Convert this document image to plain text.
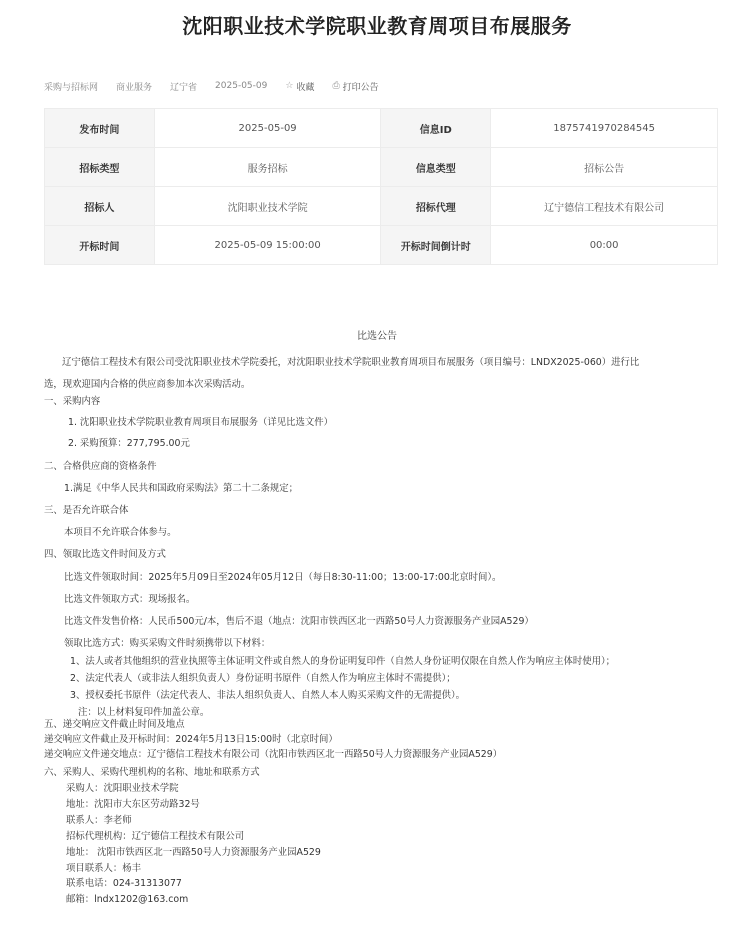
沈阳职业技术学院职业教育周项目布展服务
采购与招标网 商业服务 辽宁省 2025-05-09 ☆ 收藏 ⎙ 打印公告
发布时间	2025-05-09	信息ID	1875741970284545
招标类型	服务招标	信息类型	招标公告
招标人	沈阳职业技术学院	招标代理	辽宁德信工程技术有限公司
开标时间	2025-05-09 15:00:00	开标时间倒计时	00:00
比选公告
辽宁德信工程技术有限公司受沈阳职业技术学院委托，对沈阳职业技术学院职业教育周项目布展服务（项目编号：LNDX2025-060）进行比
选，现欢迎国内合格的供应商参加本次采购活动。
一、采购内容
1. 沈阳职业技术学院职业教育周项目布展服务（详见比选文件）
2. 采购预算：277,795.00元
二、合格供应商的资格条件
1.满足《中华人民共和国政府采购法》第二十二条规定；
三、是否允许联合体
本项目不允许联合体参与。
四、领取比选文件时间及方式
比选文件领取时间：2025年5月09日至2024年05月12日（每日8:30-11:00；13:00-17:00北京时间）。
比选文件领取方式：现场报名。
比选文件发售价格：人民币500元/本，售后不退（地点：沈阳市铁西区北一西路50号人力资源服务产业园A529）
领取比选方式：购买采购文件时须携带以下材料：
1、法人或者其他组织的营业执照等主体证明文件或自然人的身份证明复印件（自然人身份证明仅限在自然人作为响应主体时使用）；
2、法定代表人（或非法人组织负责人）身份证明书原件（自然人作为响应主体时不需提供）；
3、授权委托书原件（法定代表人、非法人组织负责人、自然人本人购买采购文件的无需提供）。
注：以上材料复印件加盖公章。
五、递交响应文件截止时间及地点
递交响应文件截止及开标时间：2024年5月13日15:00时（北京时间）
递交响应文件递交地点：辽宁德信工程技术有限公司（沈阳市铁西区北一西路50号人力资源服务产业园A529）
六、采购人、采购代理机构的名称、地址和联系方式
采购人：沈阳职业技术学院
地址：沈阳市大东区劳动路32号
联系人：李老师
招标代理机构：辽宁德信工程技术有限公司
地址： 沈阳市铁西区北一西路50号人力资源服务产业园A529
项目联系人：杨丰
联系电话：024-31313077
邮箱：lndx1202@163.com
